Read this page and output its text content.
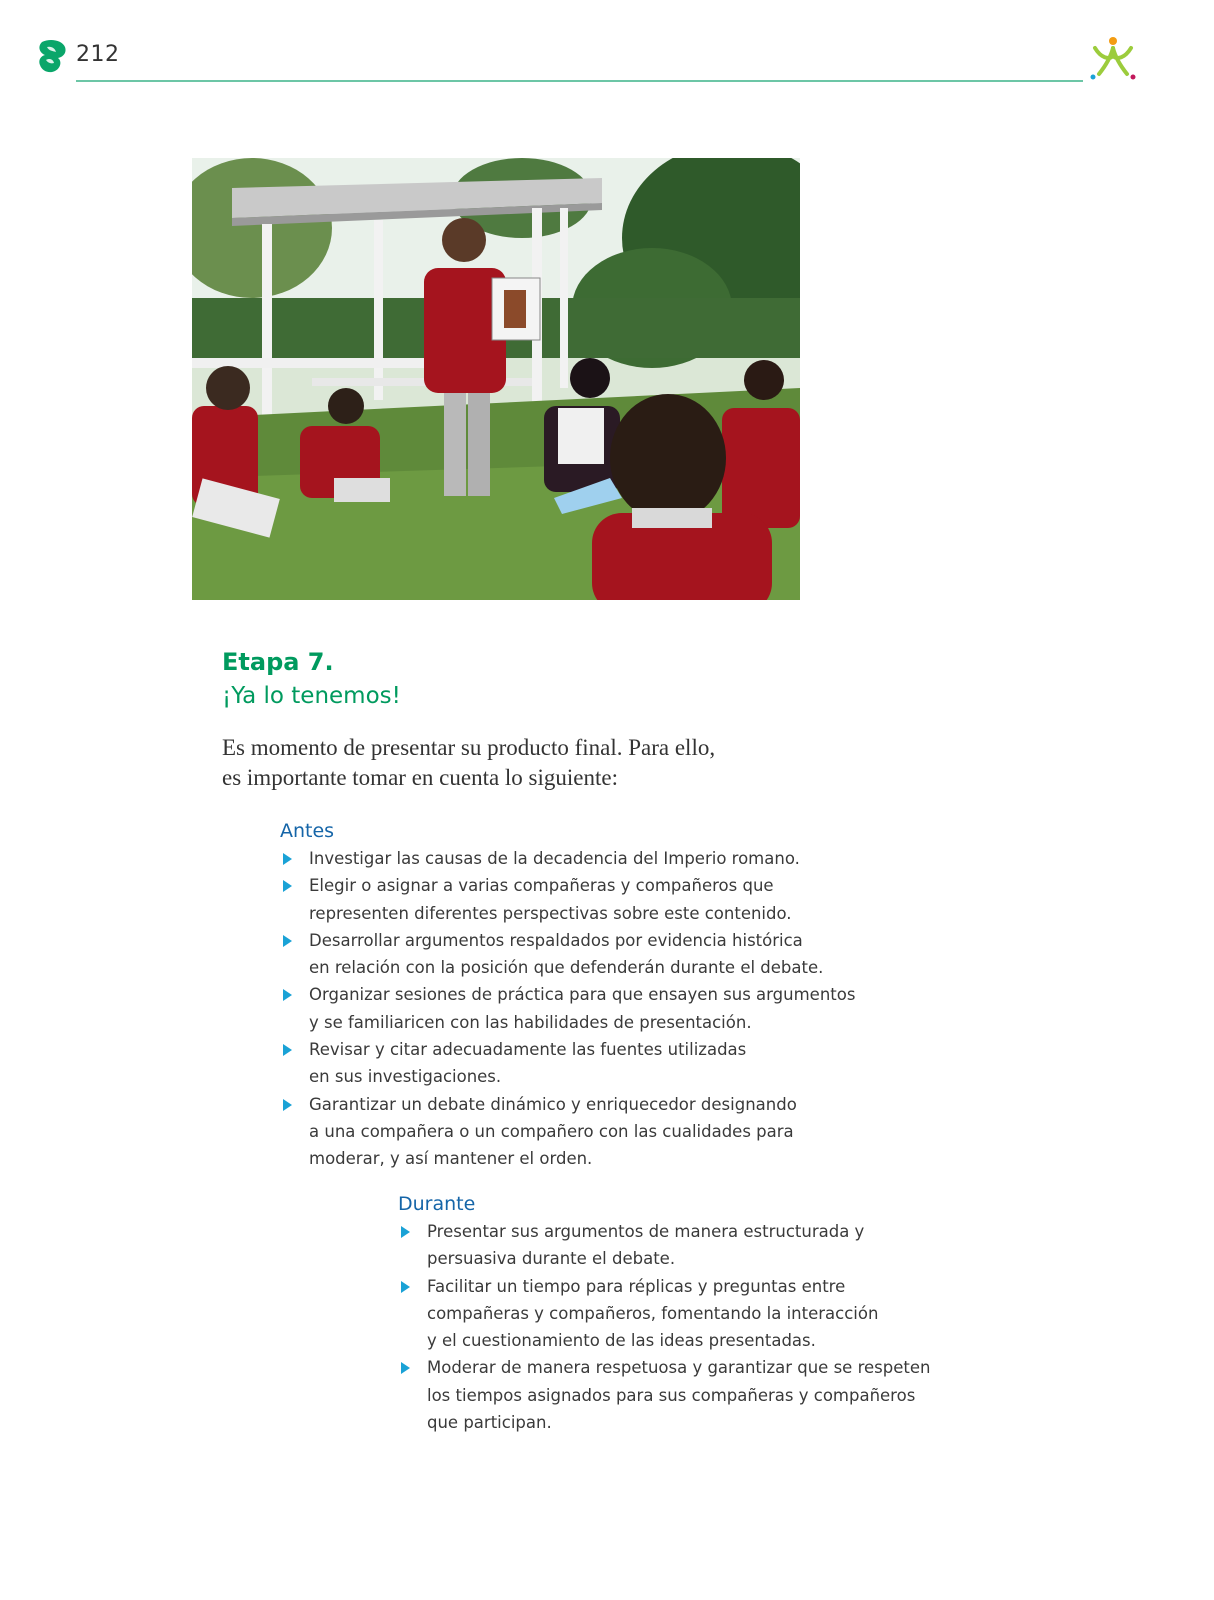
212
Etapa 7.
¡Ya lo tenemos!
Es momento de presentar su producto final. Para ello,
es importante tomar en cuenta lo siguiente:
Antes
Investigar las causas de la decadencia del Imperio romano.
Elegir o asignar a varias compañeras y compañeros que
representen diferentes perspectivas sobre este contenido.
Desarrollar argumentos respaldados por evidencia histórica
en relación con la posición que defenderán durante el debate.
Organizar sesiones de práctica para que ensayen sus argumentos
y se familiaricen con las habilidades de presentación.
Revisar y citar adecuadamente las fuentes utilizadas
en sus investigaciones.
Garantizar un debate dinámico y enriquecedor designando
a una compañera o un compañero con las cualidades para
moderar, y así mantener el orden.
Durante
Presentar sus argumentos de manera estructurada y
persuasiva durante el debate.
Facilitar un tiempo para réplicas y preguntas entre
compañeras y compañeros, fomentando la interacción
y el cuestionamiento de las ideas presentadas.
Moderar de manera respetuosa y garantizar que se respeten
los tiempos asignados para sus compañeras y compañeros
que participan.
